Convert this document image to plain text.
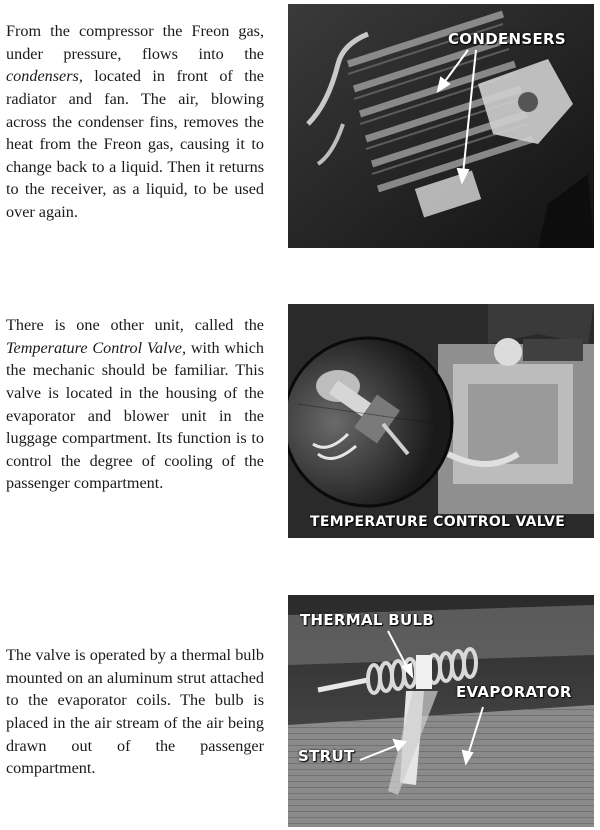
From the compressor the Freon gas, under pressure, flows into the condensers, located in front of the radiator and fan. The air, blowing across the condenser fins, removes the heat from the Freon gas, causing it to change back to a liquid. Then it returns to the receiver, as a liquid, to be used over again.

There is one other unit, called the Temperature Control Valve, with which the mechanic should be familiar. This valve is located in the housing of the evaporator and blower unit in the luggage compartment. Its function is to control the degree of cooling of the passenger compartment.

The valve is operated by a thermal bulb mounted on an aluminum strut attached to the evaporator coils. The bulb is placed in the air stream of the air being drawn out of the passenger compartment.

CONDENSERS
TEMPERATURE CONTROL VALVE
THERMAL BULB
EVAPORATOR
STRUT
